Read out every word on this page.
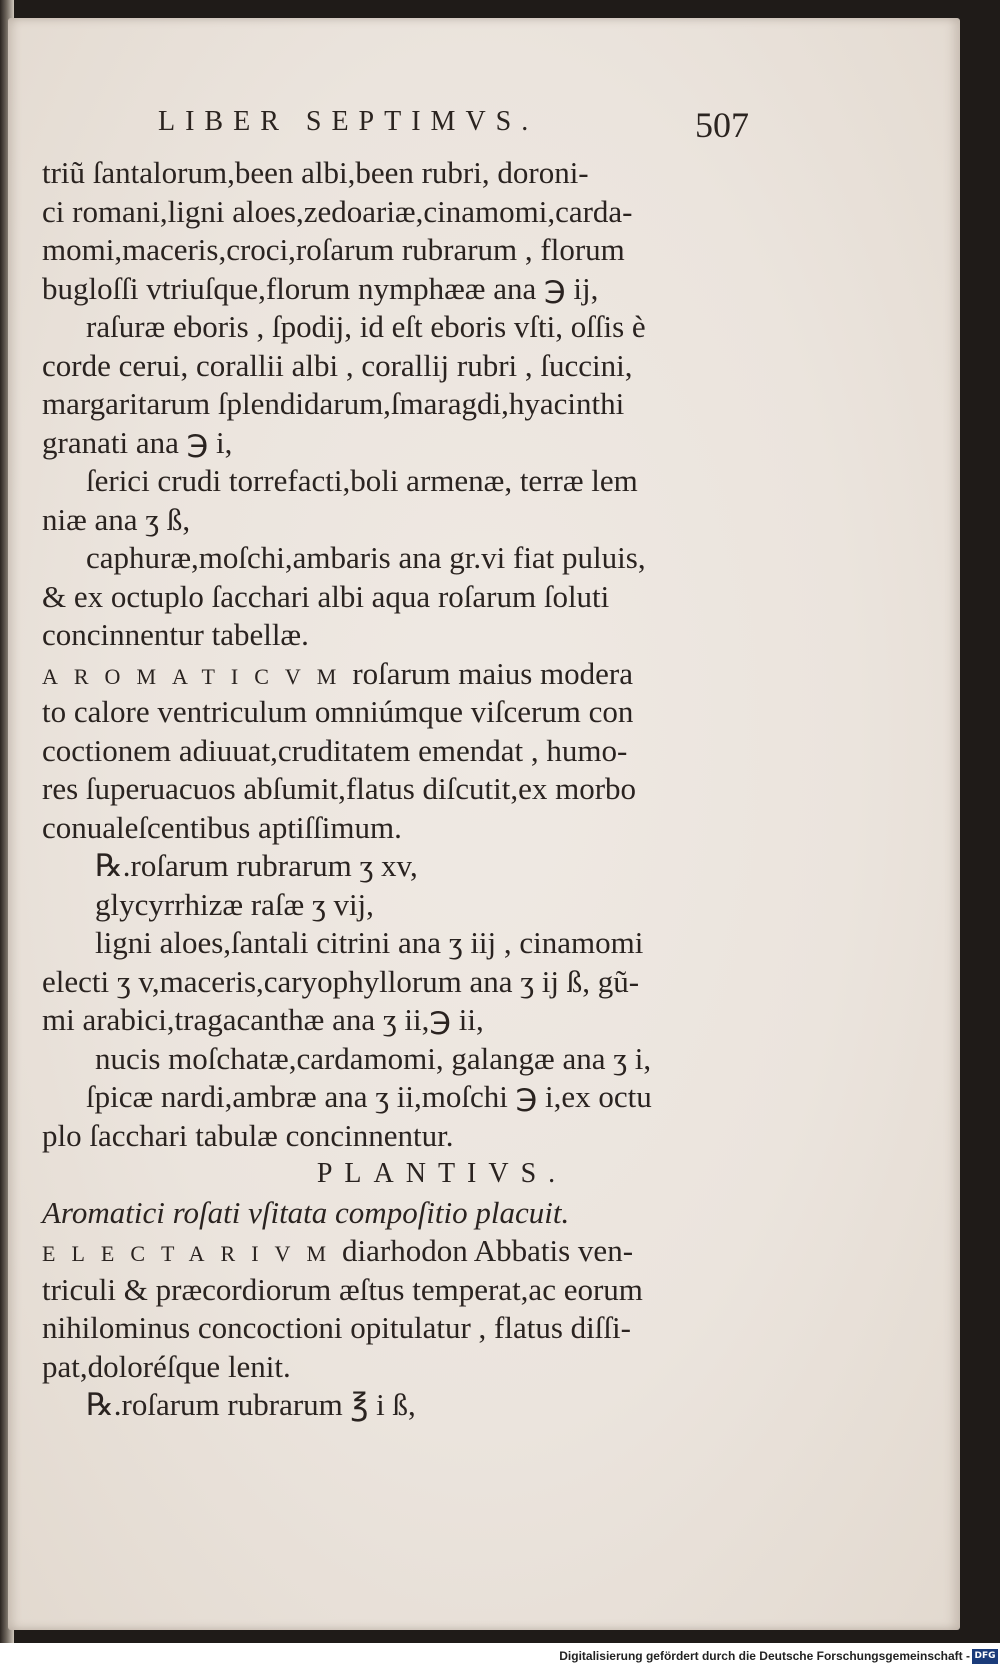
LIBER SEPTIMVS.	507
triũ ſantalorum,been albi,been rubri, doroni-
ci romani,ligni aloes,zedoariæ,cinamomi,carda-
momi,maceris,croci,roſarum rubrarum , florum
bugloſſi vtriuſque,florum nymphææ ana ℈ ij,
raſuræ eboris , ſpodij, id eſt eboris vſti, oſſis è
corde cerui, corallii albi , corallij rubri , ſuccini,
margaritarum ſplendidarum,ſmaragdi,hyacinthi
granati ana ℈ i,
ſerici crudi torrefacti,boli armenæ, terræ lem
niæ ana ʒ ß,
caphuræ,moſchi,ambaris ana gr.vi fiat puluis,
& ex octuplo ſacchari albi aqua roſarum ſoluti
concinnentur tabellæ.
AROMATICVMroſarum maius modera
to calore ventriculum omniúmque viſcerum con
coctionem adiuuat,cruditatem emendat , humo-
res ſuperuacuos abſumit,flatus diſcutit,ex morbo
conualeſcentibus aptiſſimum.
℞.roſarum rubrarum ʒ xv,
glycyrrhizæ raſæ ʒ vij,
ligni aloes,ſantali citrini ana ʒ iij , cinamomi
electi ʒ v,maceris,caryophyllorum ana ʒ ij ß, gũ-
mi arabici,tragacanthæ ana ʒ ii,℈ ii,
nucis moſchatæ,cardamomi, galangæ ana ʒ i,
ſpicæ nardi,ambræ ana ʒ ii,moſchi ℈ i,ex octu
plo ſacchari tabulæ concinnentur.
PLANTIVS.
Aromatici roſati vſitata compoſitio placuit.
ELECTARIVMdiarhodon Abbatis ven-
triculi & præcordiorum æſtus temperat,ac eorum
nihilominus concoctioni opitulatur , flatus diſſi-
pat,doloréſque lenit.
℞.roſarum rubrarum ℥ i ß,
Digitalisierung gefördert durch die Deutsche Forschungsgemeinschaft - DFG
